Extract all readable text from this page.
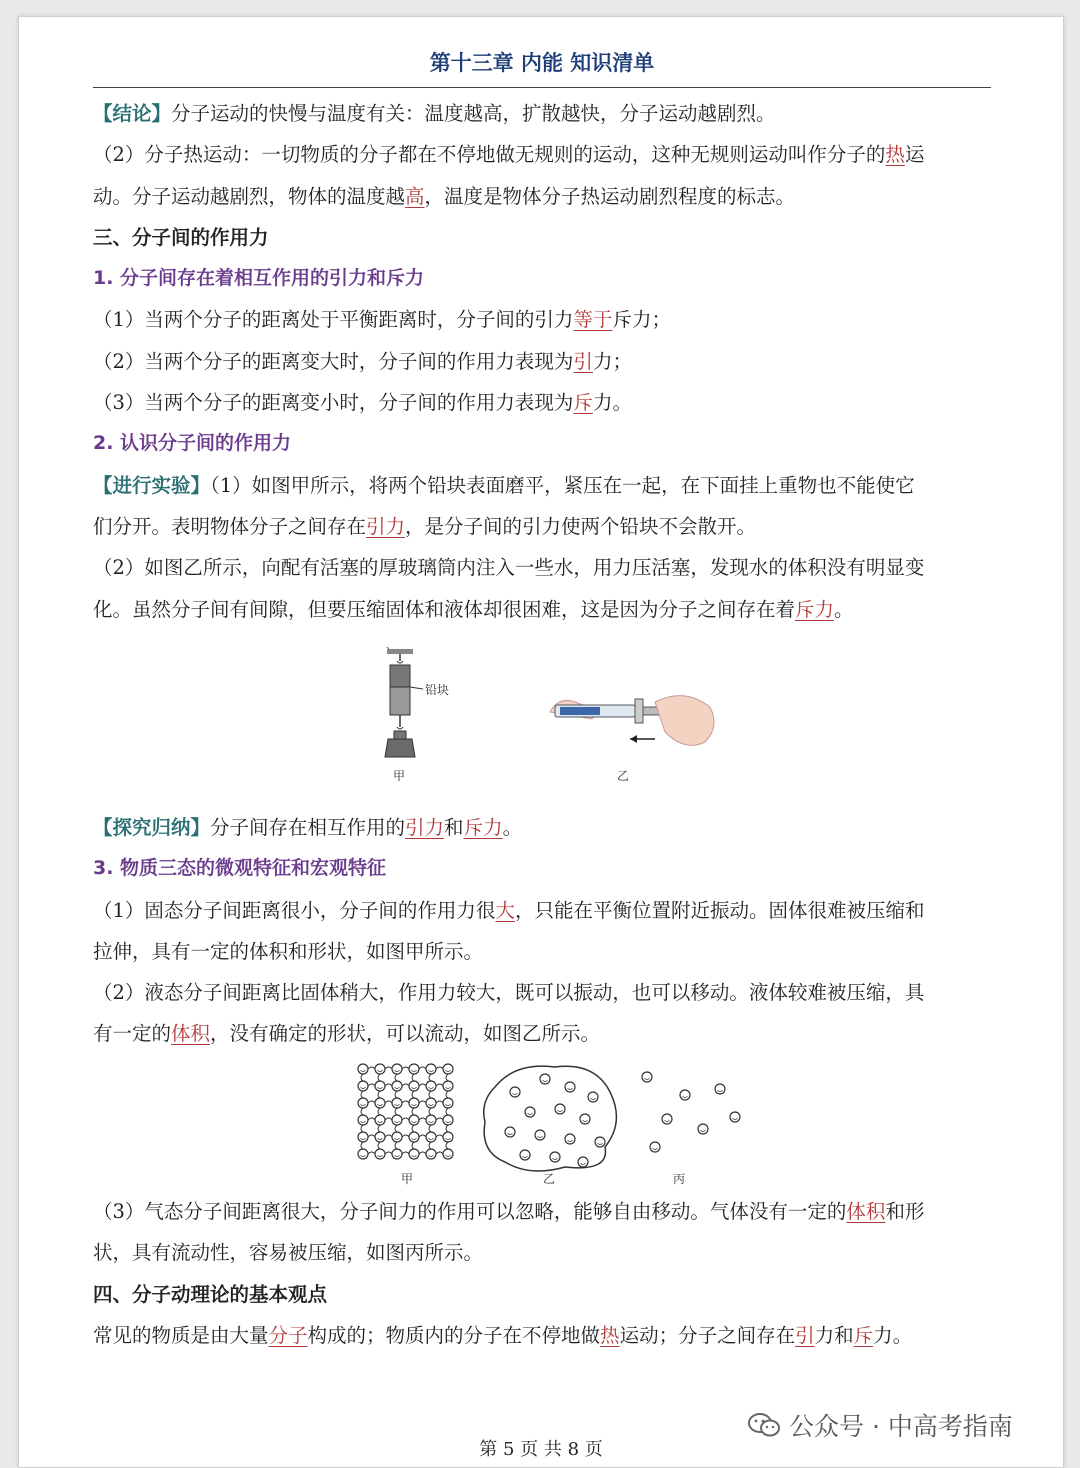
第十三章 内能 知识清单
【结论】分子运动的快慢与温度有关：温度越高，扩散越快，分子运动越剧烈。
（2）分子热运动：一切物质的分子都在不停地做无规则的运动，这种无规则运动叫作分子的热运
动。分子运动越剧烈，物体的温度越高，温度是物体分子热运动剧烈程度的标志。
三、分子间的作用力
1. 分子间存在着相互作用的引力和斥力
（1）当两个分子的距离处于平衡距离时，分子间的引力等于斥力；
（2）当两个分子的距离变大时，分子间的作用力表现为引力；
（3）当两个分子的距离变小时，分子间的作用力表现为斥力。
2. 认识分子间的作用力
【进行实验】（1）如图甲所示，将两个铅块表面磨平，紧压在一起，在下面挂上重物也不能使它
们分开。表明物体分子之间存在引力，是分子间的引力使两个铅块不会散开。
（2）如图乙所示，向配有活塞的厚玻璃筒内注入一些水，用力压活塞，发现水的体积没有明显变
化。虽然分子间有间隙，但要压缩固体和液体却很困难，这是因为分子之间存在着斥力。
铅块
甲	乙
【探究归纳】分子间存在相互作用的引力和斥力。
3. 物质三态的微观特征和宏观特征
（1）固态分子间距离很小，分子间的作用力很大，只能在平衡位置附近振动。固体很难被压缩和
拉伸，具有一定的体积和形状，如图甲所示。
（2）液态分子间距离比固体稍大，作用力较大，既可以振动，也可以移动。液体较难被压缩，具
有一定的体积，没有确定的形状，可以流动，如图乙所示。
甲	乙	丙
（3）气态分子间距离很大，分子间力的作用可以忽略，能够自由移动。气体没有一定的体积和形
状，具有流动性，容易被压缩，如图丙所示。
四、分子动理论的基本观点
常见的物质是由大量分子构成的；物质内的分子在不停地做热运动；分子之间存在引力和斥力。
公众号 · 中高考指南
第 5 页 共 8 页
